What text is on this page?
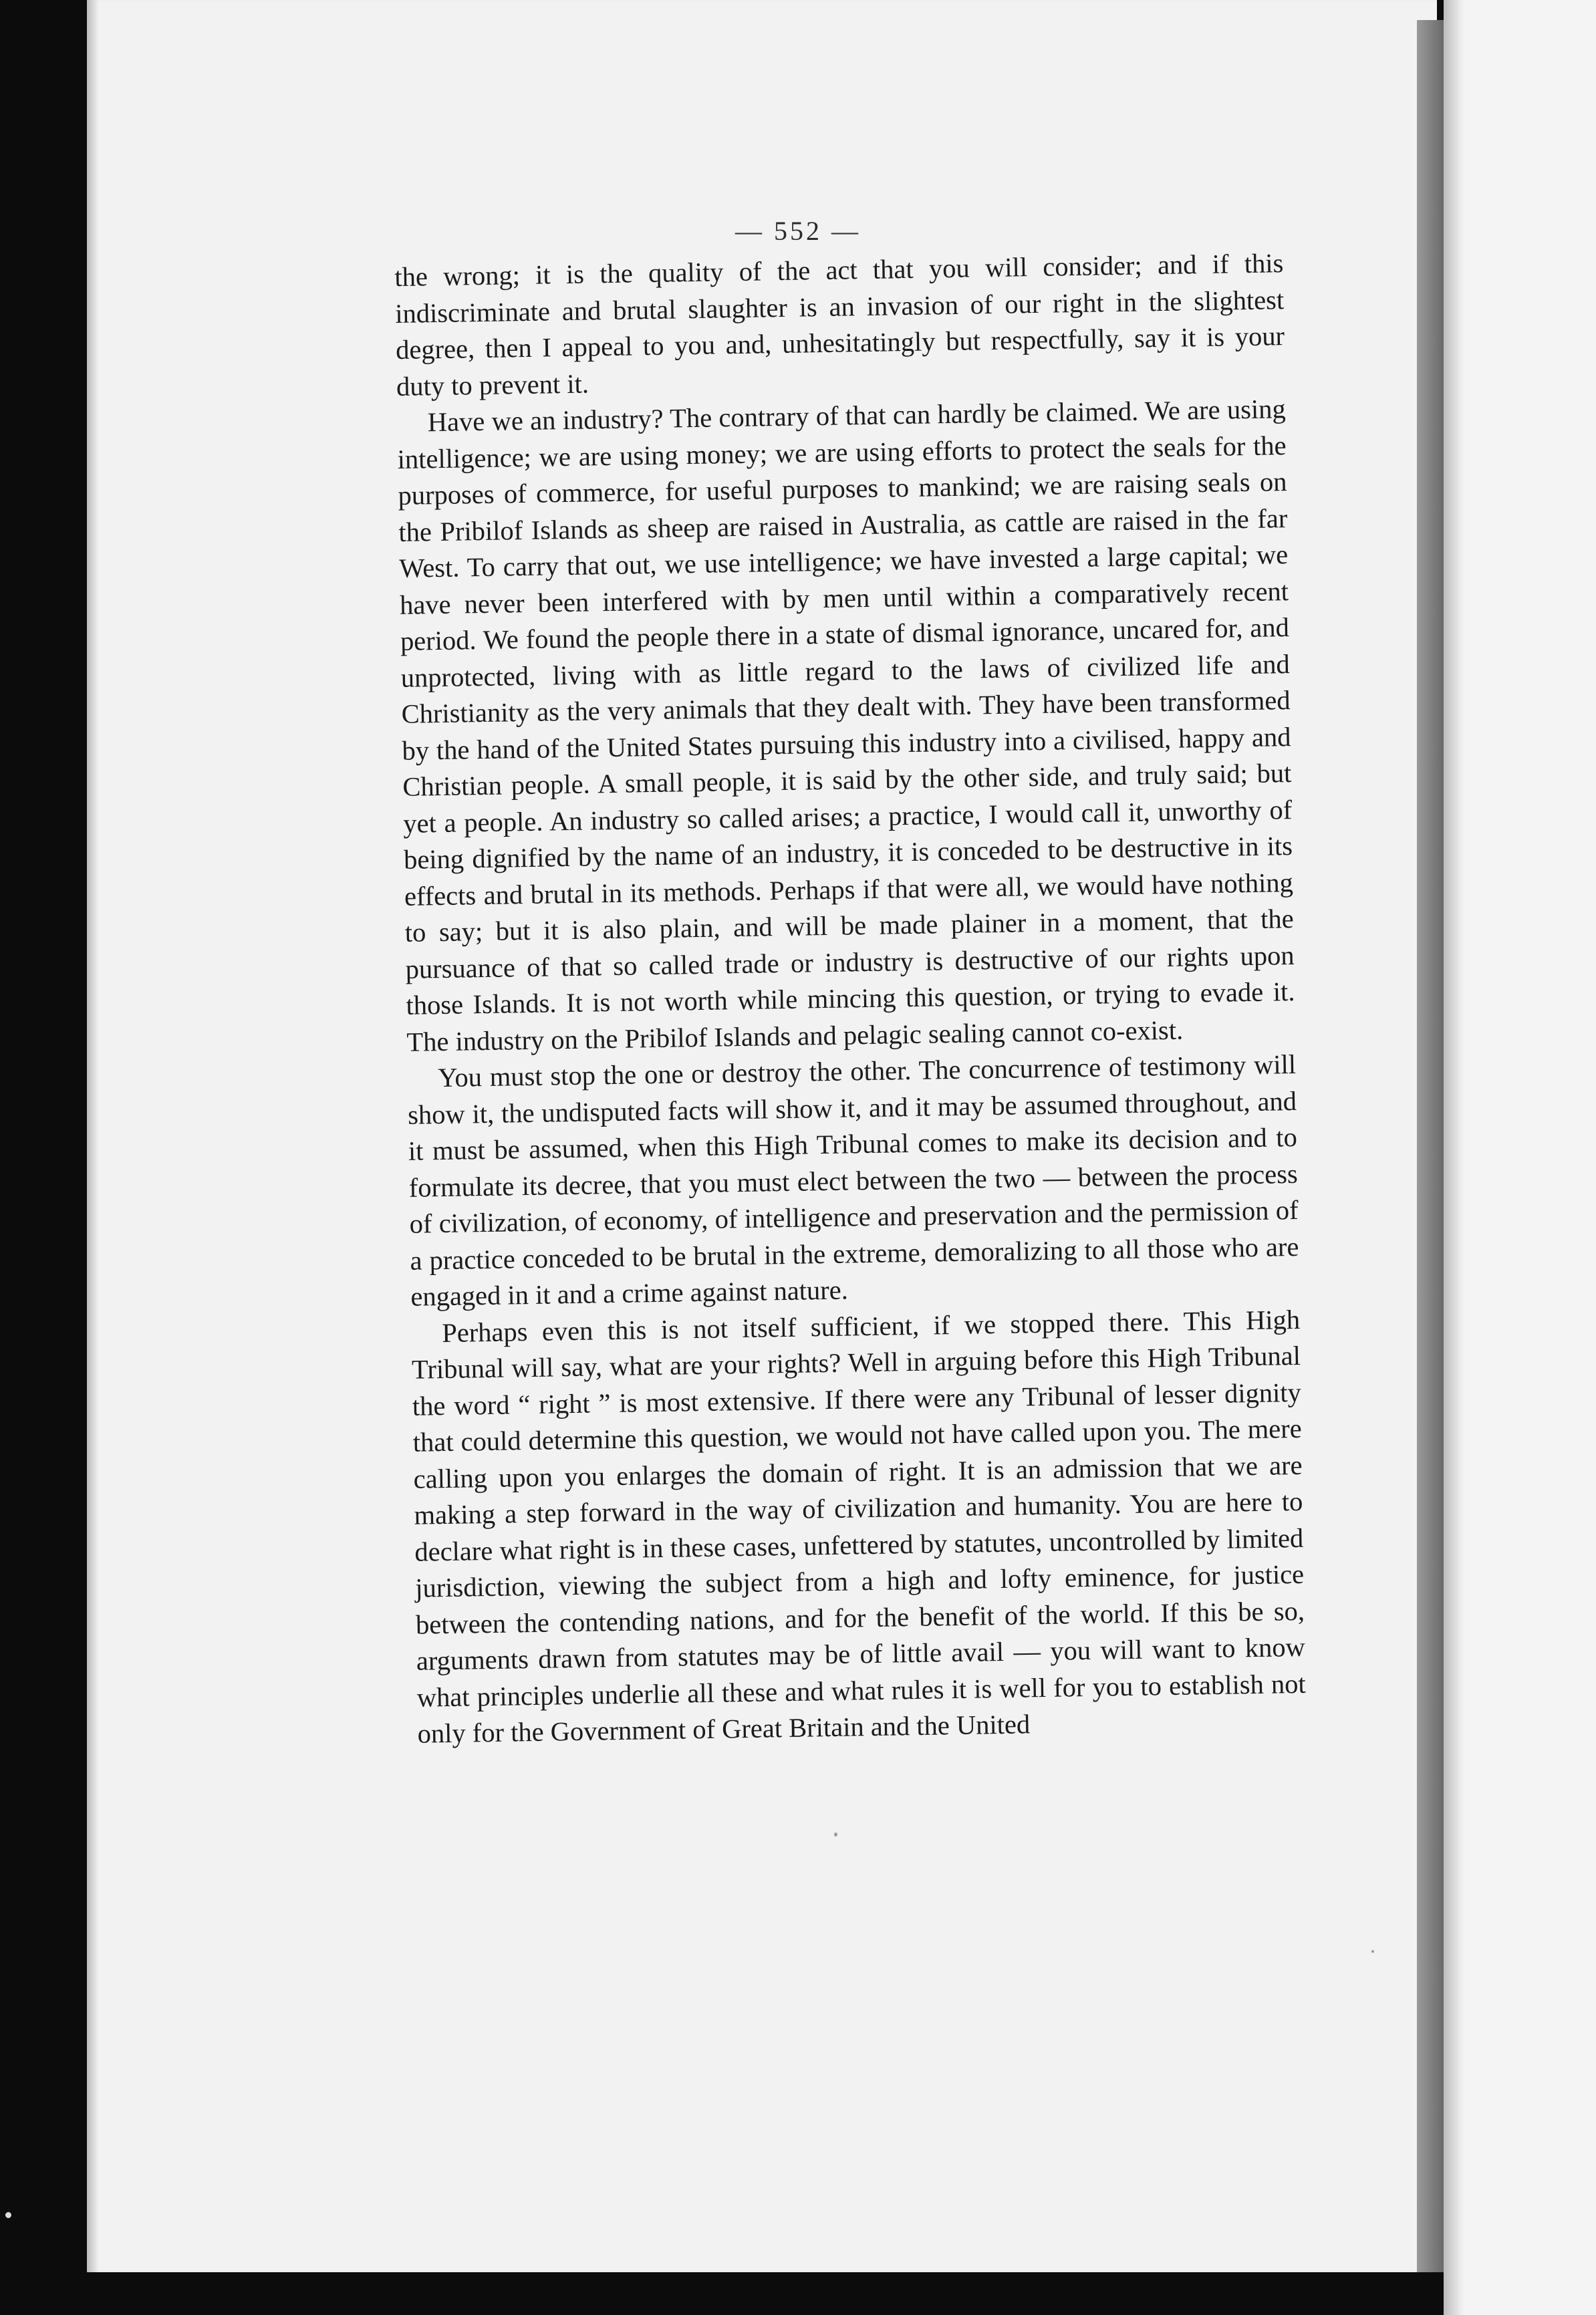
— 552 —

the wrong; it is the quality of the act that you will consider; and if this indiscriminate and brutal slaughter is an invasion of our right in the slightest degree, then I appeal to you and, unhesitatingly but respectfully, say it is your duty to prevent it.

Have we an industry? The contrary of that can hardly be claimed. We are using intelligence; we are using money; we are using efforts to protect the seals for the purposes of commerce, for useful purposes to mankind; we are raising seals on the Pribilof Islands as sheep are raised in Australia, as cattle are raised in the far West. To carry that out, we use intelligence; we have invested a large capital; we have never been interfered with by men until within a comparatively recent period. We found the people there in a state of dismal ignorance, uncared for, and unprotected, living with as little regard to the laws of civilized life and Christianity as the very animals that they dealt with. They have been transformed by the hand of the United States pursuing this industry into a civilised, happy and Christian people. A small people, it is said by the other side, and truly said; but yet a people. An industry so called arises; a practice, I would call it, unworthy of being dignified by the name of an industry, it is conceded to be destructive in its effects and brutal in its methods. Perhaps if that were all, we would have nothing to say; but it is also plain, and will be made plainer in a moment, that the pursuance of that so called trade or industry is destructive of our rights upon those Islands. It is not worth while mincing this question, or trying to evade it. The industry on the Pribilof Islands and pelagic sealing cannot co-exist.

You must stop the one or destroy the other. The concurrence of testimony will show it, the undisputed facts will show it, and it may be assumed throughout, and it must be assumed, when this High Tribunal comes to make its decision and to formulate its decree, that you must elect between the two — between the process of civilization, of economy, of intelligence and preservation and the permission of a practice conceded to be brutal in the extreme, demoralizing to all those who are engaged in it and a crime against nature.

Perhaps even this is not itself sufficient, if we stopped there. This High Tribunal will say, what are your rights? Well in arguing before this High Tribunal the word “ right ” is most extensive. If there were any Tribunal of lesser dignity that could determine this question, we would not have called upon you. The mere calling upon you enlarges the domain of right. It is an admission that we are making a step forward in the way of civilization and humanity. You are here to declare what right is in these cases, unfettered by statutes, uncontrolled by limited jurisdiction, viewing the subject from a high and lofty eminence, for justice between the contending nations, and for the benefit of the world. If this be so, arguments drawn from statutes may be of little avail — you will want to know what principles underlie all these and what rules it is well for you to establish not only for the Government of Great Britain and the United
